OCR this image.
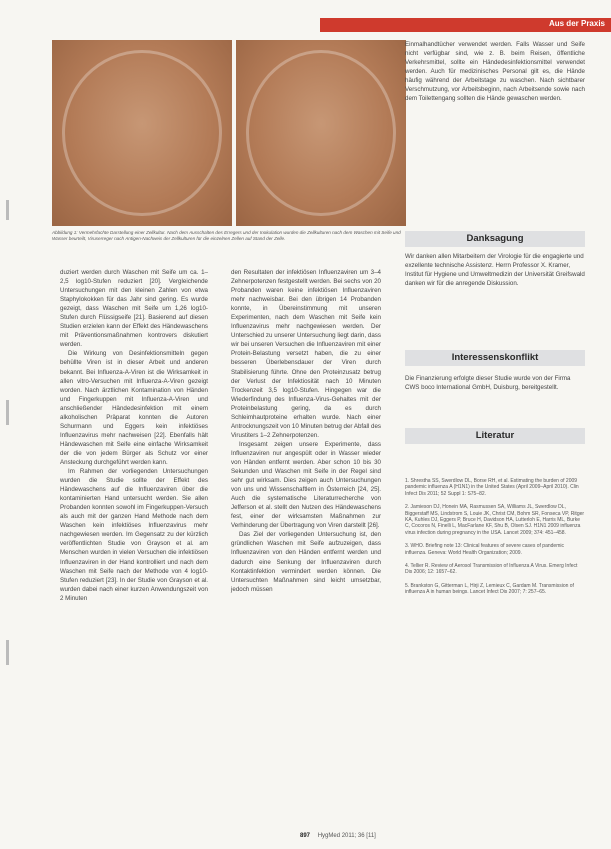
Aus der Praxis
Abbildung 1: Vermehrfachte Darstellung einer Zellkultur. Nach dem Ausschalten des Erregers und der Inokulation wurden die Zellkulturen nach dem Waschen mit Seife und Wasser beurteilt, Viruserreger nach Antigen-Nachweis der Zellkulturen für die einzelnen Zellen auf Stand der Zelle.

duziert werden durch Waschen mit Seife um ca. 1–2,5 log10-Stufen reduziert [20]. Vergleichende Untersuchungen mit den kleinen Zahlen von etwa Staphylokokken für das Jahr sind gering. Es wurde gezeigt, dass Waschen mit Seife um 1,26 log10-Stufen durch Flüssigseife [21]. Basierend auf diesen Studien erzielen kann der Effekt des Händewaschens mit Präventionsmaßnahmen kontrovers diskutiert werden.

Die Wirkung von Desinfektionsmitteln gegen behüllte Viren ist in dieser Arbeit und anderen bekannt. Bei Influenza-A-Viren ist die Wirksamkeit in allen vitro-Versuchen mit Influenza-A-Viren gezeigt worden. Nach ärztlichen Kontamination von Händen und Fingerkuppen mit Influenza-A-Viren und anschließender Händedesinfektion mit einem alkoholischen Präparat konnten die Autoren Schurmann und Eggers kein infektiöses Influenzavirus mehr nachweisen [22]. Ebenfalls hält Händewaschen mit Seife eine einfache Wirksamkeit der die von jedem Bürger als Schutz vor einer Ansteckung durchgeführt werden kann.

Im Rahmen der vorliegenden Untersuchungen wurden die Studie sollte der Effekt des Händewaschens auf die Influenzaviren über die kontaminierten Hand untersucht werden. Sie allen Probanden konnten sowohl im Fingerkuppen-Versuch als auch mit der ganzen Hand Methode nach dem Waschen kein infektiöses Influenzavirus mehr nachgewiesen werden. Im Gegensatz zu der kürzlich veröffentlichten Studie von Grayson et al. am Menschen wurden in vielen Versuchen die infektiösen Influenzaviren in der Hand kontrolliert und nach dem Waschen mit Seife nach der Methode von 4 log10-Stufen reduziert [23]. In der Studie von Grayson et al. wurden dabei nach einer kurzen Anwendungszeit von 2 Minuten

den Resultaten der infektiösen Influenzaviren um 3–4 Zehnerpotenzen festgestellt werden. Bei sechs von 20 Probanden waren keine infektiösen Influenzaviren mehr nachweisbar. Bei den übrigen 14 Probanden konnte, in Übereinstimmung mit unseren Experimenten, nach dem Waschen mit Seife kein Influenzavirus mehr nachgewiesen werden. Der Unterschied zu unserer Untersuchung liegt darin, dass wir bei unseren Versuchen die Influenzaviren mit einer Protein-Belastung versetzt haben, die zu einer besseren Überlebensdauer der Viren durch Stabilisierung führte. Ohne den Proteinzusatz betrug der Verlust der Infektiosität nach 10 Minuten Trockenzeit 3,5 log10-Stufen. Hingegen war die Wiederfindung des Influenza-Virus-Gehaltes mit der Proteinbelastung gering, da es durch Schleimhautproteine erhalten wurde. Nach einer Antrocknungszeit von 10 Minuten betrug der Abfall des Virustiters 1–2 Zehnerpotenzen.

Insgesamt zeigen unsere Experimente, dass Influenzaviren nur angespült oder in Wasser wieder von Händen entfernt werden. Aber schon 10 bis 30 Sekunden und Waschen mit Seife in der Regel sind sehr gut wirksam. Dies zeigen auch Untersuchungen von uns und Wissenschaftlern in Österreich [24, 25]. Auch die systematische Literaturrecherche von Jefferson et al. stellt den Nutzen des Händewaschens fest, einer der wirksamsten Maßnahmen zur Verhinderung der Übertragung von Viren darstellt [26].

Das Ziel der vorliegenden Untersuchung ist, den gründlichen Waschen mit Seife aufzuzeigen, dass Influenzaviren von den Händen entfernt werden und dadurch eine Senkung der Influenzaviren durch Kontaktinfektion vermindert werden können. Die Untersuchten Maßnahmen sind leicht umsetzbar, jedoch müssen

Einmalhandtücher verwendet werden. Falls Wasser und Seife nicht verfügbar sind, wie z. B. beim Reisen, öffentliche Verkehrsmittel, sollte ein Händedesinfektionsmittel verwendet werden. Auch für medizinisches Personal gilt es, die Hände häufig während der Arbeitstage zu waschen. Nach sichtbarer Verschmutzung, vor Arbeitsbeginn, nach Arbeitsende sowie nach dem Toilettengang sollten die Hände gewaschen werden.

Danksagung
Wir danken allen Mitarbeitern der Virologie für die engagierte und exzellente technische Assistenz. Herrn Professor X. Kramer, Institut für Hygiene und Umweltmedizin der Universität Greifswald danken wir für die anregende Diskussion.
Interessenskonflikt
Die Finanzierung erfolgte dieser Studie wurde von der Firma CWS boco International GmbH, Duisburg, bereitgestellt.
Literatur
1. Shrestha SS, Swerdlow DL, Borse RH, et al. Estimating the burden of 2009 pandemic influenza A (H1N1) in the United States (April 2009–April 2010). Clin Infect Dis 2011; 52 Suppl 1: S75–82.
2. Jamieson DJ, Honein MA, Rasmussen SA, Williams JL, Swerdlow DL, Biggerstaff MS, Lindstrom S, Louie JK, Christ CM, Bohm SR, Fonseca VP, Ritger KA, Kuhles DJ, Eggers P, Bruce H, Davidson HA, Lutterloh E, Harris ML, Burke C, Cocoros N, Finelli L, MacFarlane KF, Shu B, Olsen SJ. H1N1 2009 influenza virus infection during pregnancy in the USA. Lancet 2009; 374: 451–458.
3. WHO. Briefing note 13: Clinical features of severe cases of pandemic influenza. Geneva: World Health Organization; 2009.
4. Tellier R. Review of Aerosol Transmission of Influenza A Virus. Emerg Infect Dis 2006; 12: 1657–62.
5. Brankston G, Gitterman L, Hirji Z, Lemieux C, Gardam M. Transmission of influenza A in human beings. Lancet Infect Dis 2007; 7: 257–65.
897 HygMed 2011; 36 [11]
